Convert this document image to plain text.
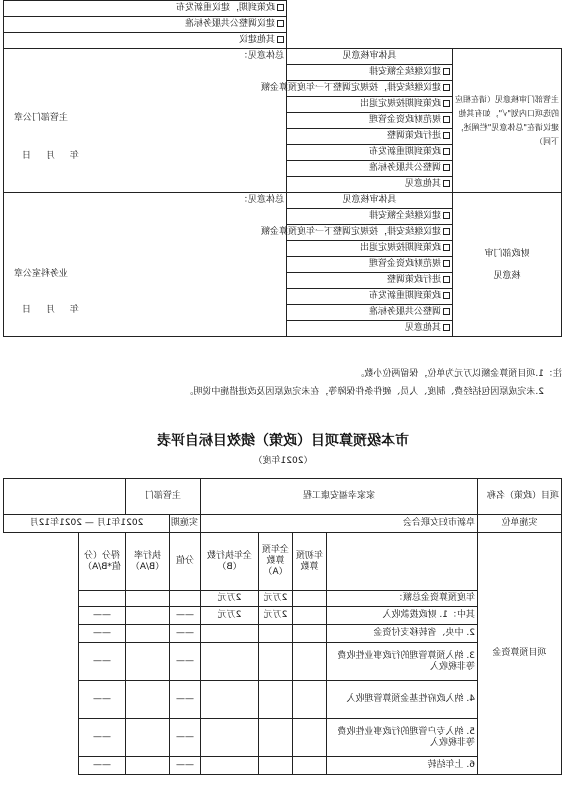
		政策到期，建议重新发布
		建议调整公共服务标准
		其他建议
主管部门审核意见（请在相应的选项口内划"√"，如有其他建议请在"总体意见"栏阐述，下同）	具体审核意见	总体意见：
主管部门公章
年 月 日

	建议继续全额安排	
	建议继续安排，按规定调整下一年度预算金额	
	政策到期按规定退出	
	规范财政资金管理	
	进行政策调整	
	政策到期重新发布	
	调整公共服务标准	
	其他意见	
财政部门审核意见	具体审核意见	总体意见：
业务科室公章
年 月 日

	建议继续全额安排	
	建议继续安排，按规定调整下一年度预算金额	
	政策到期按规定退出	
	规范财政资金管理	
	进行政策调整	
	政策到期重新发布	
	调整公共服务标准	
	其他意见	
注：1.项目预算金额以万元为单位，保留两位小数。
2.未完成原因包括经费、制度、人员、硬件条件保障等，在未完成原因及改进措施中说明。
市本级预算项目（政策）绩效目标自评表
（2021年度）
项目（政策）名称	家家幸福安康工程				主管部门			
实施单位	阜新市妇女联合会				实施期	2021年1月 — 2021年12月		
项目预算资金		年初预算数	全年预算数（A）	全年执行数（B）	分值	执行率（B/A）	得分（分值*B/A）	
	年度预算资金总额：		2万元	2万元				
	其中：1. 财政拨款收入		2万元	2万元	——		——	
	2. 中央、省转移支付资金				——		——	
	3. 纳入预算管理的行政事业性收费等非税收入				——		——	
	4. 纳入政府性基金预算管理收入				——		——	
	5. 纳入专户管理的行政事业性收费等非税收入				——		——	
	6. 上年结转				——		——	
